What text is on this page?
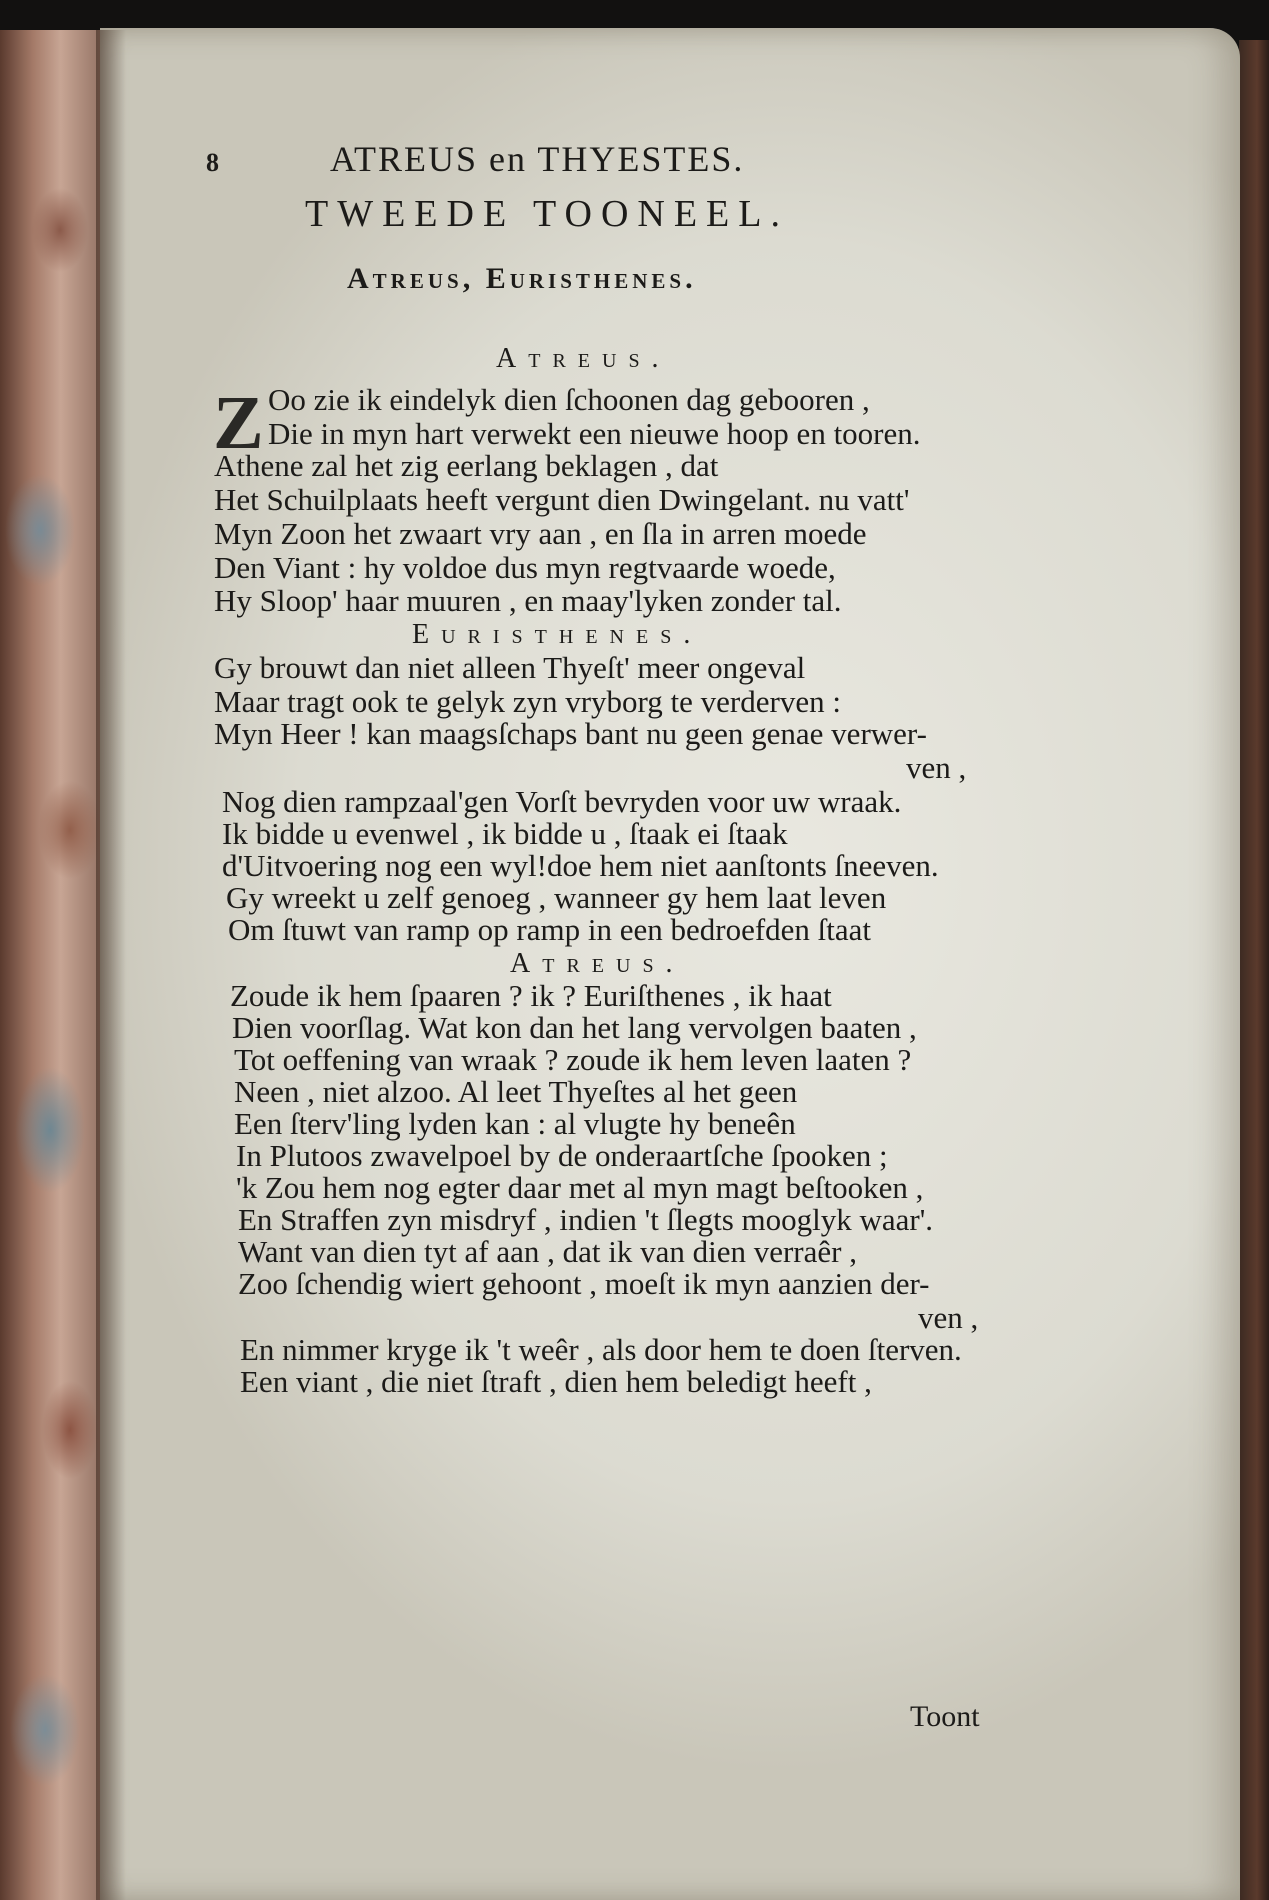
8	ATREUS en THYESTES.
TWEEDE TOONEEL.
Atreus, Euristhenes.
Atreus.
Z Oo zie ik eindelyk dien ſchoonen dag gebooren ,
Die in myn hart verwekt een nieuwe hoop en tooren.
Athene zal het zig eerlang beklagen , dat
Het Schuilplaats heeft vergunt dien Dwingelant. nu vatt'
Myn Zoon het zwaart vry aan , en ſla in arren moede
Den Viant : hy voldoe dus myn regtvaarde woede,
Hy Sloop' haar muuren , en maay'lyken zonder tal.
Euristhenes.
Gy brouwt dan niet alleen Thyeſt' meer ongeval
Maar tragt ook te gelyk zyn vryborg te verderven :
Myn Heer ! kan maagsſchaps bant nu geen genae verwer-
ven ,
Nog dien rampzaal'gen Vorſt bevryden voor uw wraak.
Ik bidde u evenwel , ik bidde u , ſtaak ei ſtaak
d'Uitvoering nog een wyl!doe hem niet aanſtonts ſneeven.
Gy wreekt u zelf genoeg , wanneer gy hem laat leven
Om ſtuwt van ramp op ramp in een bedroefden ſtaat
Atreus.
Zoude ik hem ſpaaren ? ik ? Euriſthenes , ik haat
Dien voorſlag. Wat kon dan het lang vervolgen baaten ,
Tot oeffening van wraak ? zoude ik hem leven laaten ?
Neen , niet alzoo. Al leet Thyeſtes al het geen
Een ſterv'ling lyden kan : al vlugte hy beneên
In Plutoos zwavelpoel by de onderaartſche ſpooken ;
'k Zou hem nog egter daar met al myn magt beſtooken ,
En Straffen zyn misdryf , indien 't ſlegts mooglyk waar'.
Want van dien tyt af aan , dat ik van dien verraêr ,
Zoo ſchendig wiert gehoont , moeſt ik myn aanzien der-
ven ,
En nimmer kryge ik 't weêr , als door hem te doen ſterven.
Een viant , die niet ſtraft , dien hem beledigt heeft ,
Toont
